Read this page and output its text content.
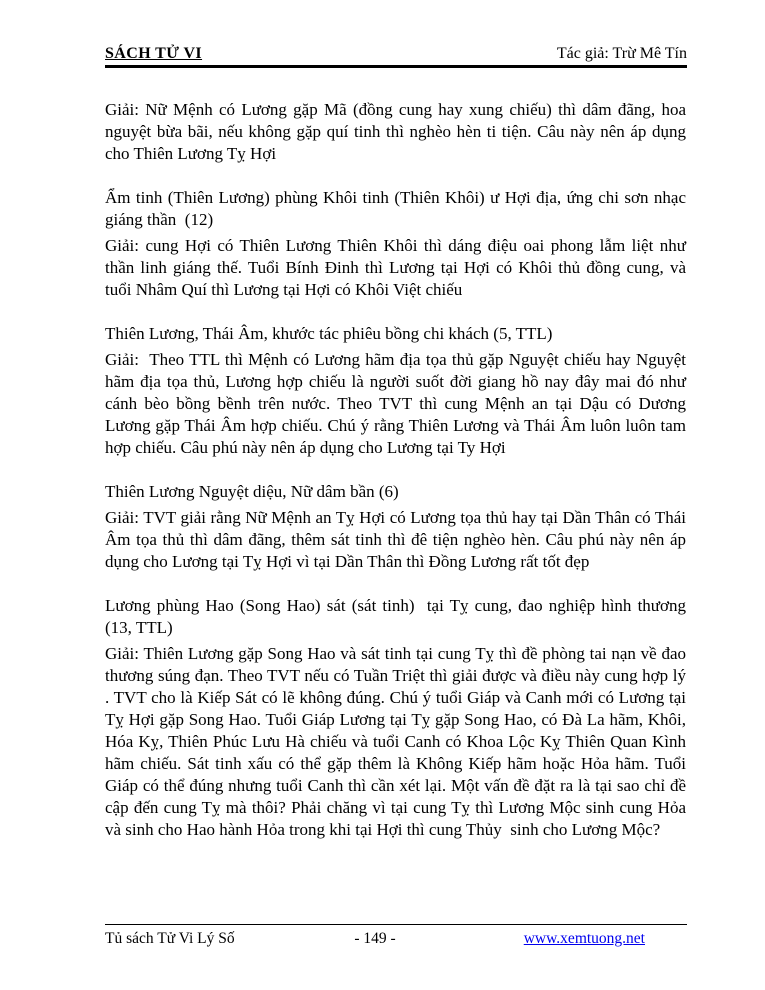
SÁCH TỬ VI	Tác giả: Trừ Mê Tín

Giải: Nữ Mệnh có Lương gặp Mã (đồng cung hay xung chiếu) thì dâm đãng, hoa nguyệt bừa bãi, nếu không gặp quí tinh thì nghèo hèn ti tiện. Câu này nên áp dụng cho Thiên Lương Tỵ Hợi

Ẩm tinh (Thiên Lương) phùng Khôi tinh (Thiên Khôi) ư Hợi địa, ứng chi sơn nhạc giáng thần  (12)

Giải: cung Hợi có Thiên Lương Thiên Khôi thì dáng điệu oai phong lẫm liệt như thần linh giáng thế. Tuổi Bính Đinh thì Lương tại Hợi có Khôi thủ đồng cung, và tuổi Nhâm Quí thì Lương tại Hợi có Khôi Việt chiếu

Thiên Lương, Thái Âm, khước tác phiêu bồng chi khách (5, TTL)

Giải:  Theo TTL thì Mệnh có Lương hãm địa tọa thủ gặp Nguyệt chiếu hay Nguyệt hãm địa tọa thủ, Lương hợp chiếu là người suốt đời giang hồ nay đây mai đó như cánh bèo bồng bềnh trên nước. Theo TVT thì cung Mệnh an tại Dậu có Dương Lương gặp Thái Âm hợp chiếu. Chú ý rằng Thiên Lương và Thái Âm luôn luôn tam hợp chiếu. Câu phú này nên áp dụng cho Lương tại Ty Hợi

Thiên Lương Nguyệt diệu, Nữ dâm bần (6)

Giải: TVT giải rằng Nữ Mệnh an Tỵ Hợi có Lương tọa thủ hay tại Dần Thân có Thái Âm tọa thủ thì dâm đãng, thêm sát tinh thì đê tiện nghèo hèn. Câu phú này nên áp dụng cho Lương tại Tỵ Hợi vì tại Dần Thân thì Đồng Lương rất tốt đẹp

Lương phùng Hao (Song Hao) sát (sát tinh)  tại Tỵ cung, đao nghiệp hình thương (13, TTL)

Giải: Thiên Lương gặp Song Hao và sát tinh tại cung Tỵ thì đề phòng tai nạn về đao thương súng đạn. Theo TVT nếu có Tuần Triệt thì giải được và điều này cung hợp lý . TVT cho là Kiếp Sát có lẽ không đúng. Chú ý tuổi Giáp và Canh mới có Lương tại Tỵ Hợi gặp Song Hao. Tuổi Giáp Lương tại Tỵ gặp Song Hao, có Đà La hãm, Khôi, Hóa Kỵ, Thiên Phúc Lưu Hà chiếu và tuổi Canh có Khoa Lộc Kỵ Thiên Quan Kình hãm chiếu. Sát tinh xấu có thể gặp thêm là Không Kiếp hãm hoặc Hỏa hãm. Tuổi Giáp có thể đúng nhưng tuổi Canh thì cần xét lại. Một vấn đề đặt ra là tại sao chỉ đề cập đến cung Tỵ mà thôi? Phải chăng vì tại cung Tỵ thì Lương Mộc sinh cung Hỏa và sinh cho Hao hành Hỏa trong khi tại Hợi thì cung Thủy  sinh cho Lương Mộc?

Tủ sách Tử Vi Lý Số	- 149 -	www.xemtuong.net
